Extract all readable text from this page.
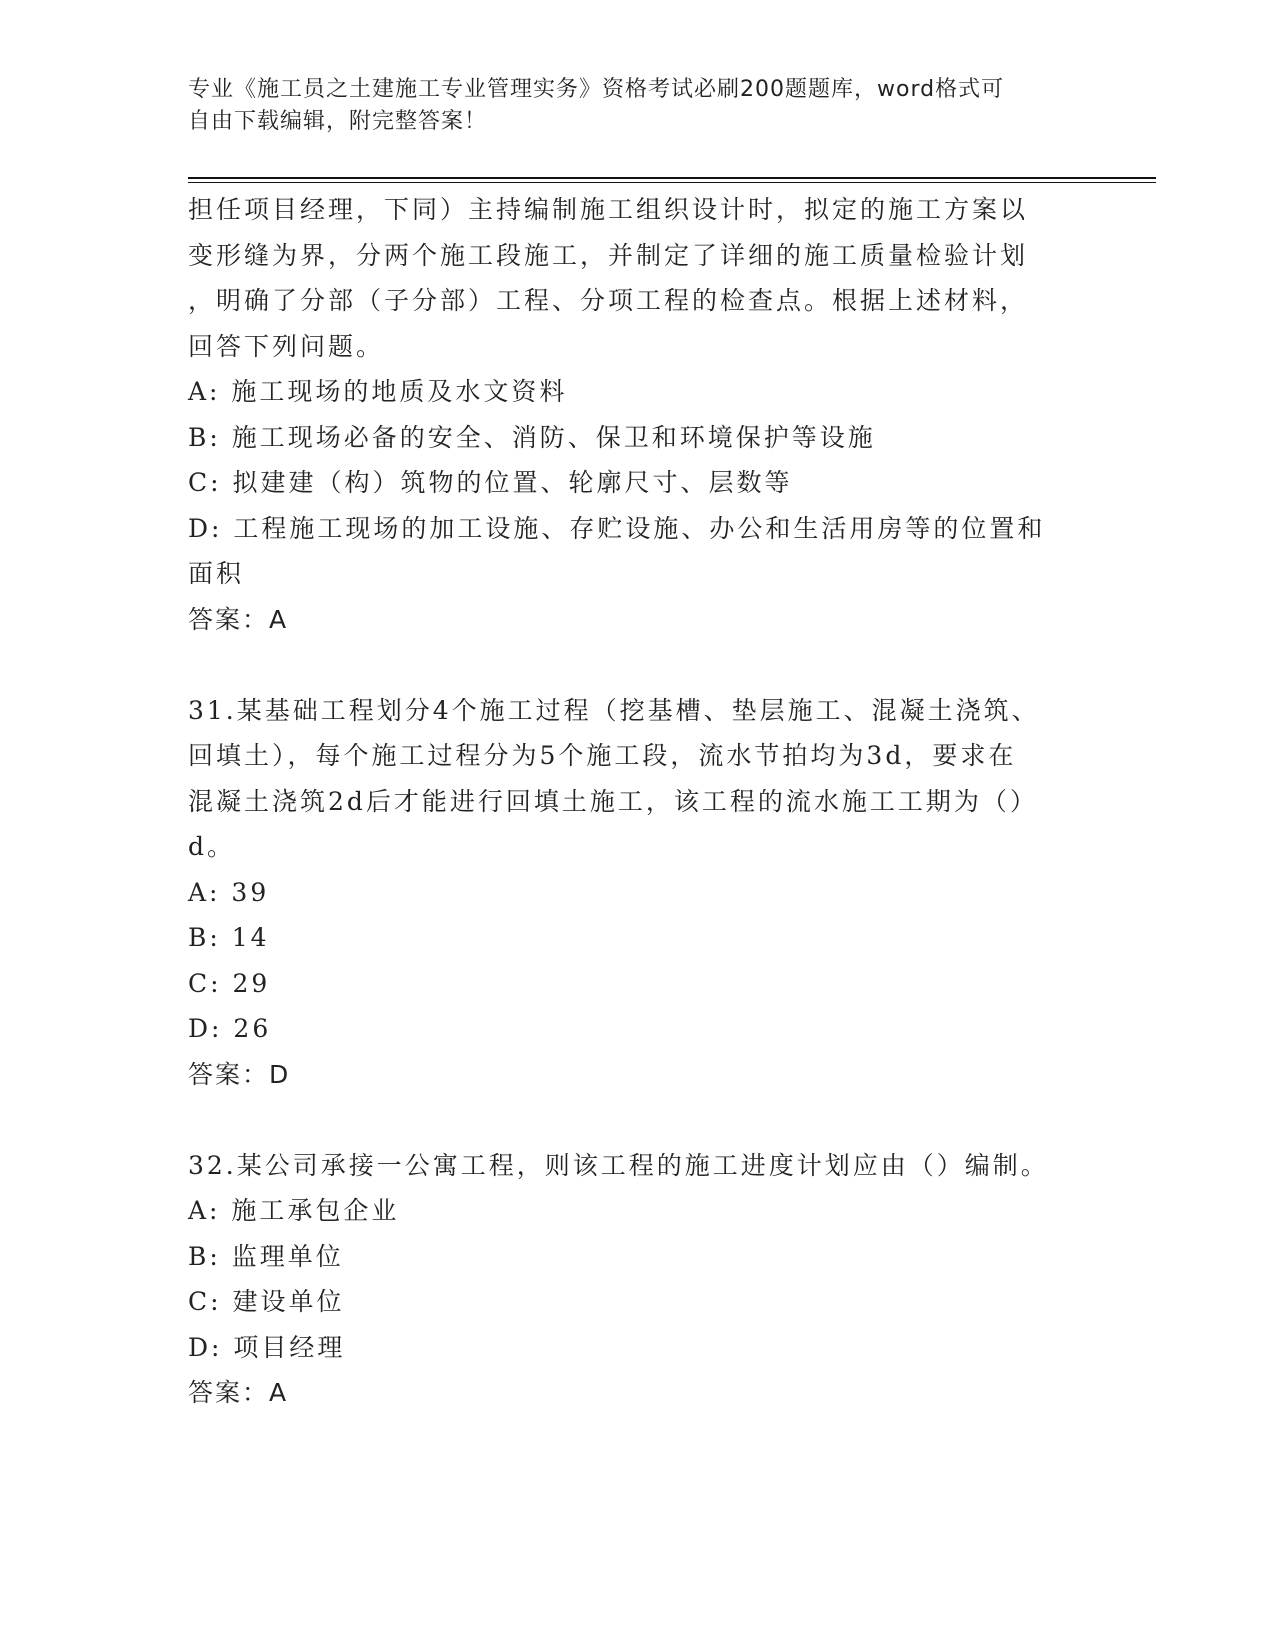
专业《施工员之土建施工专业管理实务》资格考试必刷200题题库，word格式可
自由下载编辑，附完整答案！
担任项目经理，下同）主持编制施工组织设计时，拟定的施工方案以
变形缝为界，分两个施工段施工，并制定了详细的施工质量检验计划
，明确了分部（子分部）工程、分项工程的检查点。根据上述材料，
回答下列问题。
A: 施工现场的地质及水文资料
B: 施工现场必备的安全、消防、保卫和环境保护等设施
C: 拟建建（构）筑物的位置、轮廓尺寸、层数等
D: 工程施工现场的加工设施、存贮设施、办公和生活用房等的位置和
面积
答案：A
31.某基础工程划分4个施工过程（挖基槽、垫层施工、混凝土浇筑、
回填土），每个施工过程分为5个施工段，流水节拍均为3d，要求在
混凝土浇筑2d后才能进行回填土施工，该工程的流水施工工期为（）
d。
A: 39
B: 14
C: 29
D: 26
答案：D
32.某公司承接一公寓工程，则该工程的施工进度计划应由（）编制。
A: 施工承包企业
B: 监理单位
C: 建设单位
D: 项目经理
答案：A
